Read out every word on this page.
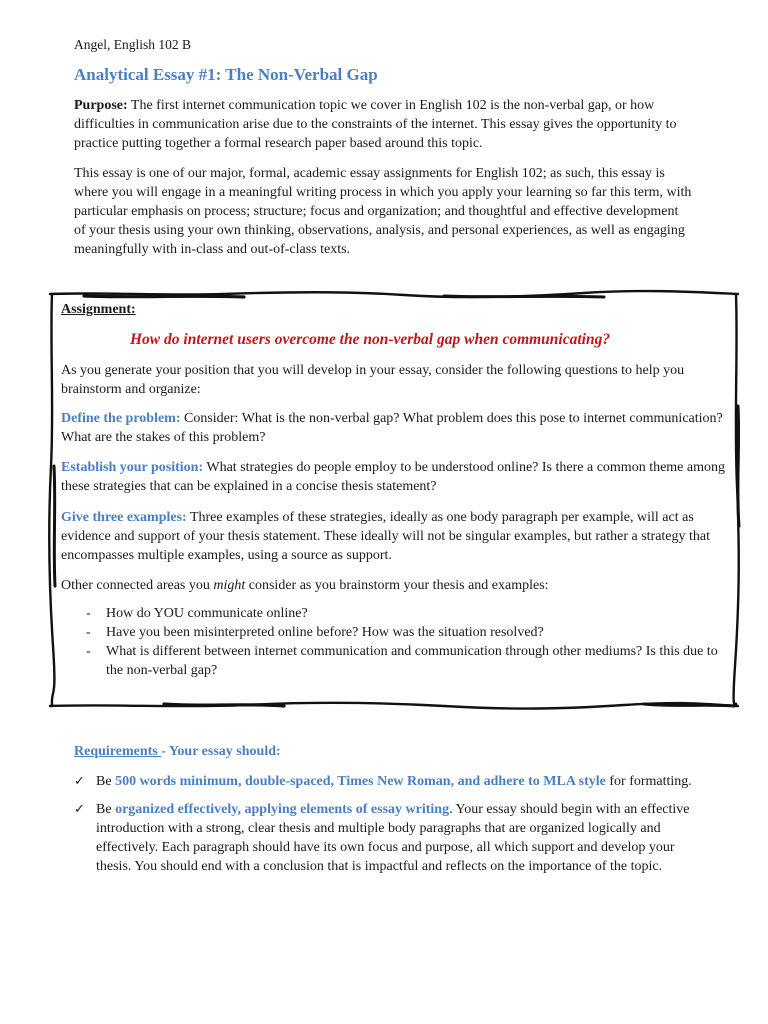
Angel, English 102 B
Analytical Essay #1: The Non-Verbal Gap

Purpose: The first internet communication topic we cover in English 102 is the non-verbal gap, or how difficulties in communication arise due to the constraints of the internet. This essay gives the opportunity to practice putting together a formal research paper based around this topic.

This essay is one of our major, formal, academic essay assignments for English 102; as such, this essay is where you will engage in a meaningful writing process in which you apply your learning so far this term, with particular emphasis on process; structure; focus and organization; and thoughtful and effective development of your thesis using your own thinking, observations, analysis, and personal experiences, as well as engaging meaningfully with in-class and out-of-class texts.

Assignment:
How do internet users overcome the non-verbal gap when communicating?

As you generate your position that you will develop in your essay, consider the following questions to help you brainstorm and organize:

Define the problem: Consider: What is the non-verbal gap? What problem does this pose to internet communication? What are the stakes of this problem?

Establish your position: What strategies do people employ to be understood online? Is there a common theme among these strategies that can be explained in a concise thesis statement?

Give three examples: Three examples of these strategies, ideally as one body paragraph per example, will act as evidence and support of your thesis statement. These ideally will not be singular examples, but rather a strategy that encompasses multiple examples, using a source as support.

Other connected areas you might consider as you brainstorm your thesis and examples:

- How do YOU communicate online?
- Have you been misinterpreted online before? How was the situation resolved?
- What is different between internet communication and communication through other mediums? Is this due to the non-verbal gap?
Requirements - Your essay should:
✓ Be 500 words minimum, double-spaced, Times New Roman, and adhere to MLA style for formatting.
✓ Be organized effectively, applying elements of essay writing. Your essay should begin with an effective introduction with a strong, clear thesis and multiple body paragraphs that are organized logically and effectively. Each paragraph should have its own focus and purpose, all which support and develop your thesis. You should end with a conclusion that is impactful and reflects on the importance of the topic.
